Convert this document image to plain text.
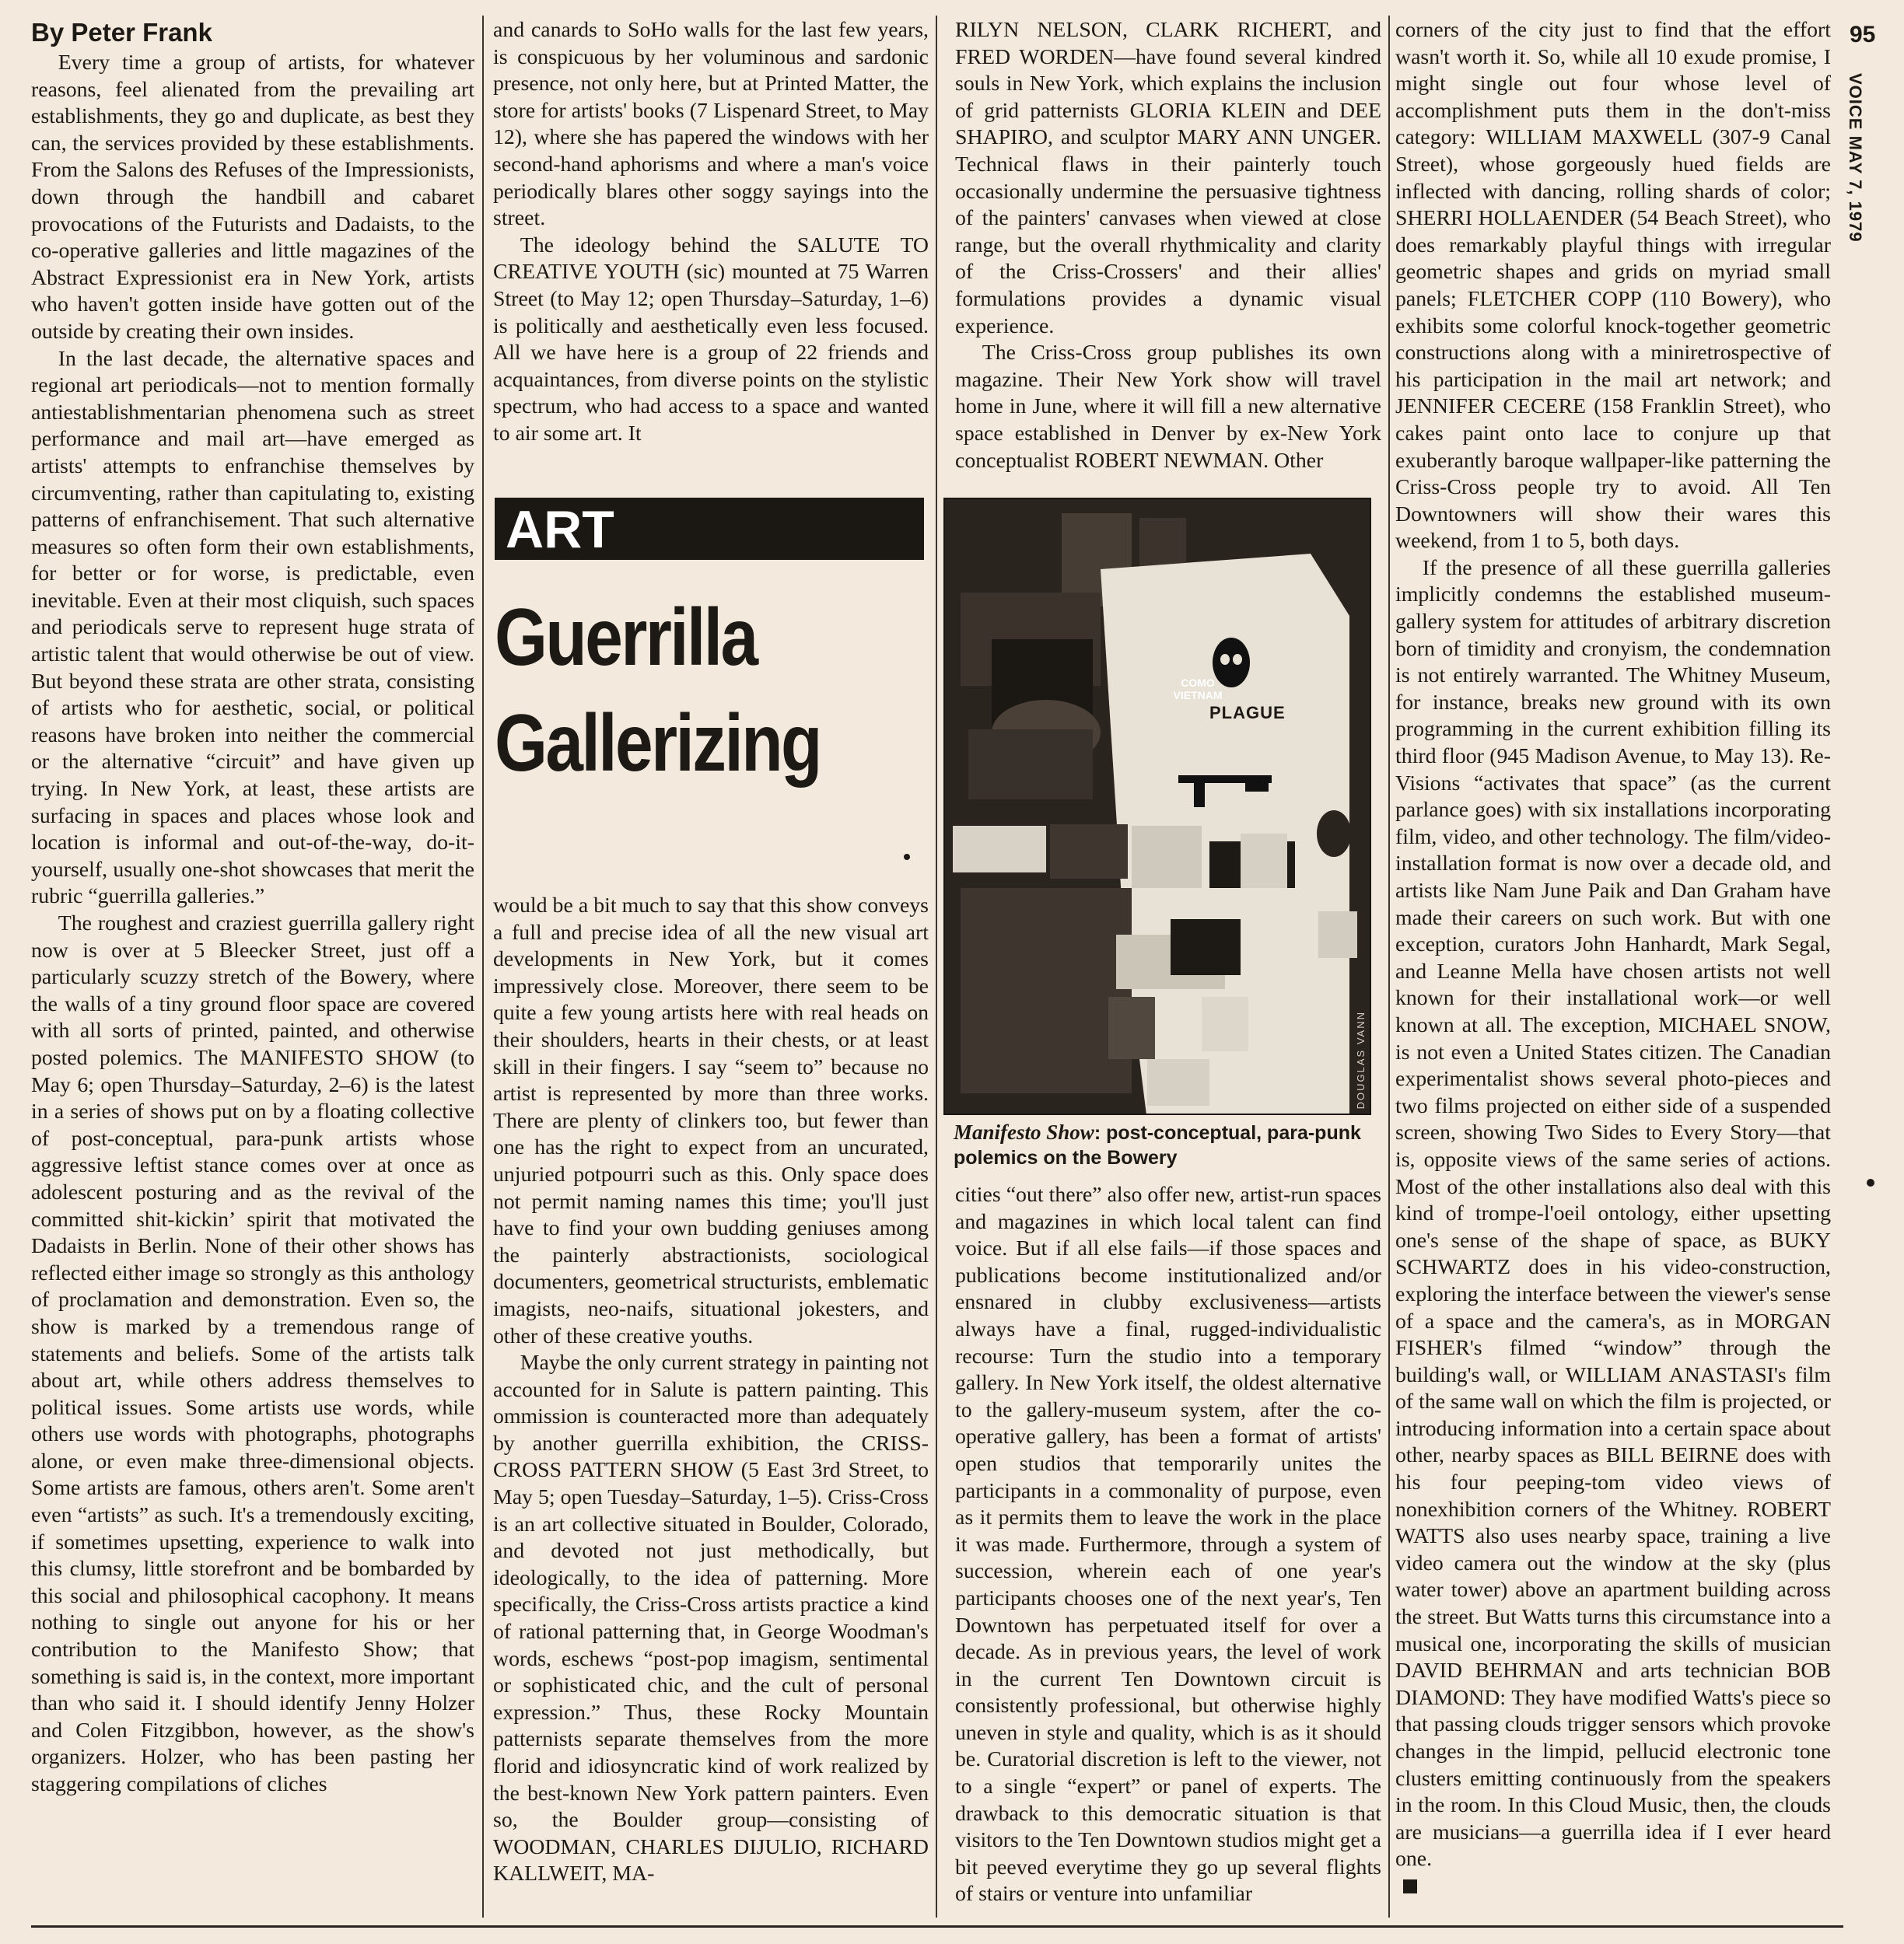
By Peter Frank

Every time a group of artists, for whatever reasons, feel alienated from the prevailing art establishments, they go and duplicate, as best they can, the services provided by these establishments. From the Salons des Refuses of the Impressionists, down through the handbill and cabaret provocations of the Futurists and Dadaists, to the co-operative galleries and little magazines of the Abstract Expressionist era in New York, artists who haven't gotten inside have gotten out of the outside by creating their own insides.

In the last decade, the alternative spaces and regional art periodicals—not to mention formally antiestablishmentarian phenomena such as street performance and mail art—have emerged as artists' attempts to enfranchise themselves by circumventing, rather than capitulating to, existing patterns of enfranchisement. That such alternative measures so often form their own establishments, for better or for worse, is predictable, even inevitable. Even at their most cliquish, such spaces and periodicals serve to represent huge strata of artistic talent that would otherwise be out of view. But beyond these strata are other strata, consisting of artists who for aesthetic, social, or political reasons have broken into neither the commercial or the alternative “circuit” and have given up trying. In New York, at least, these artists are surfacing in spaces and places whose look and location is informal and out-of-the-way, do-it-yourself, usually one-shot showcases that merit the rubric “guerrilla galleries.”

The roughest and craziest guerrilla gallery right now is over at 5 Bleecker Street, just off a particularly scuzzy stretch of the Bowery, where the walls of a tiny ground floor space are covered with all sorts of printed, painted, and otherwise posted polemics. The MANIFESTO SHOW (to May 6; open Thursday–Saturday, 2–6) is the latest in a series of shows put on by a floating collective of post-conceptual, para-punk artists whose aggressive leftist stance comes over at once as adolescent posturing and as the revival of the committed shit-kickin’ spirit that motivated the Dadaists in Berlin. None of their other shows has reflected either image so strongly as this anthology of proclamation and demonstration. Even so, the show is marked by a tremendous range of statements and beliefs. Some of the artists talk about art, while others address themselves to political issues. Some artists use words, while others use words with photographs, photographs alone, or even make three-dimensional objects. Some artists are famous, others aren't. Some aren't even “artists” as such. It's a tremendously exciting, if sometimes upsetting, experience to walk into this clumsy, little storefront and be bombarded by this social and philosophical cacophony. It means nothing to single out anyone for his or her contribution to the Manifesto Show; that something is said is, in the context, more important than who said it. I should identify Jenny Holzer and Colen Fitzgibbon, however, as the show's organizers. Holzer, who has been pasting her staggering compilations of cliches

and canards to SoHo walls for the last few years, is conspicuous by her voluminous and sardonic presence, not only here, but at Printed Matter, the store for artists' books (7 Lispenard Street, to May 12), where she has papered the windows with her second-hand aphorisms and where a man's voice periodically blares other soggy sayings into the street.

The ideology behind the SALUTE TO CREATIVE YOUTH (sic) mounted at 75 Warren Street (to May 12; open Thursday–Saturday, 1–6) is politically and aesthetically even less focused. All we have here is a group of 22 friends and acquaintances, from diverse points on the stylistic spectrum, who had access to a space and wanted to air some art. It

ART
Guerrilla
Gallerizing

would be a bit much to say that this show conveys a full and precise idea of all the new visual art developments in New York, but it comes impressively close. Moreover, there seem to be quite a few young artists here with real heads on their shoulders, hearts in their chests, or at least skill in their fingers. I say “seem to” because no artist is represented by more than three works. There are plenty of clinkers too, but fewer than one has the right to expect from an uncurated, unjuried potpourri such as this. Only space does not permit naming names this time; you'll just have to find your own budding geniuses among the painterly abstractionists, sociological documenters, geometrical structurists, emblematic imagists, neo-naifs, situational jokesters, and other of these creative youths.

Maybe the only current strategy in painting not accounted for in Salute is pattern painting. This ommission is counteracted more than adequately by another guerrilla exhibition, the CRISS-CROSS PATTERN SHOW (5 East 3rd Street, to May 5; open Tuesday–Saturday, 1–5). Criss-Cross is an art collective situated in Boulder, Colorado, and devoted not just methodically, but ideologically, to the idea of patterning. More specifically, the Criss-Cross artists practice a kind of rational patterning that, in George Woodman's words, eschews “post-pop imagism, sentimental or sophisticated chic, and the cult of personal expression.” Thus, these Rocky Mountain patternists separate themselves from the more florid and idiosyncratic kind of work realized by the best-known New York pattern painters. Even so, the Boulder group—consisting of WOODMAN, CHARLES DIJULIO, RICHARD KALLWEIT, MA-

RILYN NELSON, CLARK RICHERT, and FRED WORDEN—have found several kindred souls in New York, which explains the inclusion of grid patternists GLORIA KLEIN and DEE SHAPIRO, and sculptor MARY ANN UNGER. Technical flaws in their painterly touch occasionally undermine the persuasive tightness of the painters' canvases when viewed at close range, but the overall rhythmicality and clarity of the Criss-Crossers' and their allies' formulations provides a dynamic visual experience.

The Criss-Cross group publishes its own magazine. Their New York show will travel home in June, where it will fill a new alternative space established in Denver by ex-New York conceptualist ROBERT NEWMAN. Other

COMO
VIETNAM
PLAGUE
DOUGLAS VANN
Manifesto Show: post-conceptual, para-punk polemics on the Bowery

cities “out there” also offer new, artist-run spaces and magazines in which local talent can find voice. But if all else fails—if those spaces and publications become institutionalized and/or ensnared in clubby exclusiveness—artists always have a final, rugged-individualistic recourse: Turn the studio into a temporary gallery. In New York itself, the oldest alternative to the gallery-museum system, after the co-operative gallery, has been a format of artists' open studios that temporarily unites the participants in a commonality of purpose, even as it permits them to leave the work in the place it was made. Furthermore, through a system of succession, wherein each of one year's participants chooses one of the next year's, Ten Downtown has perpetuated itself for over a decade. As in previous years, the level of work in the current Ten Downtown circuit is consistently professional, but otherwise highly uneven in style and quality, which is as it should be. Curatorial discretion is left to the viewer, not to a single “expert” or panel of experts. The drawback to this democratic situation is that visitors to the Ten Downtown studios might get a bit peeved everytime they go up several flights of stairs or venture into unfamiliar

corners of the city just to find that the effort wasn't worth it. So, while all 10 exude promise, I might single out four whose level of accomplishment puts them in the don't-miss category: WILLIAM MAXWELL (307-9 Canal Street), whose gorgeously hued fields are inflected with dancing, rolling shards of color; SHERRI HOLLAENDER (54 Beach Street), who does remarkably playful things with irregular geometric shapes and grids on myriad small panels; FLETCHER COPP (110 Bowery), who exhibits some colorful knock-together geometric constructions along with a miniretrospective of his participation in the mail art network; and JENNIFER CECERE (158 Franklin Street), who cakes paint onto lace to conjure up that exuberantly baroque wallpaper-like patterning the Criss-Cross people try to avoid. All Ten Downtowners will show their wares this weekend, from 1 to 5, both days.

If the presence of all these guerrilla galleries implicitly condemns the established museum-gallery system for attitudes of arbitrary discretion born of timidity and cronyism, the condemnation is not entirely warranted. The Whitney Museum, for instance, breaks new ground with its own programming in the current exhibition filling its third floor (945 Madison Avenue, to May 13). Re-Visions “activates that space” (as the current parlance goes) with six installations incorporating film, video, and other technology. The film/video-installation format is now over a decade old, and artists like Nam June Paik and Dan Graham have made their careers on such work. But with one exception, curators John Hanhardt, Mark Segal, and Leanne Mella have chosen artists not well known for their installational work—or well known at all. The exception, MICHAEL SNOW, is not even a United States citizen. The Canadian experimentalist shows several photo-pieces and two films projected on either side of a suspended screen, showing Two Sides to Every Story—that is, opposite views of the same series of actions. Most of the other installations also deal with this kind of trompe-l'oeil ontology, either upsetting one's sense of the shape of space, as BUKY SCHWARTZ does in his video-construction, exploring the interface between the viewer's sense of a space and the camera's, as in MORGAN FISHER's filmed “window” through the building's wall, or WILLIAM ANASTASI's film of the same wall on which the film is projected, or introducing information into a certain space about other, nearby spaces as BILL BEIRNE does with his four peeping-tom video views of nonexhibition corners of the Whitney. ROBERT WATTS also uses nearby space, training a live video camera out the window at the sky (plus water tower) above an apartment building across the street. But Watts turns this circumstance into a musical one, incorporating the skills of musician DAVID BEHRMAN and arts technician BOB DIAMOND: They have modified Watts's piece so that passing clouds trigger sensors which provoke changes in the limpid, pellucid electronic tone clusters emitting continuously from the speakers in the room. In this Cloud Music, then, the clouds are musicians—a guerrilla idea if I ever heard one.

95
VOICE MAY 7, 1979
